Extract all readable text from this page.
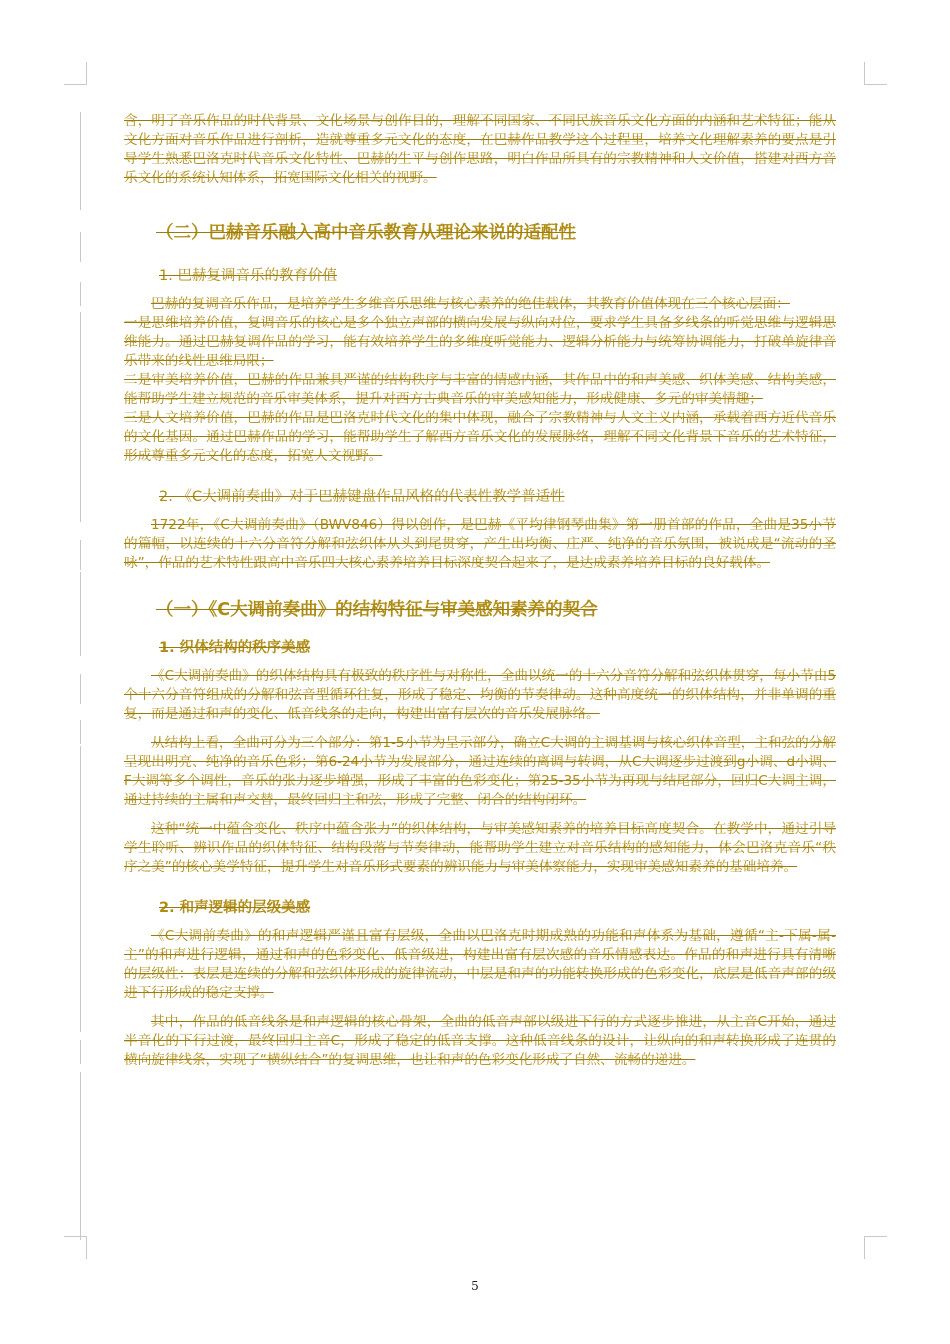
含，明了音乐作品的时代背景、文化场景与创作目的，理解不同国家、不同民族音乐文化方面的内涵和艺术特征；能从文化方面对音乐作品进行剖析，造就尊重多元文化的态度，在巴赫作品教学这个过程里，培养文化理解素养的要点是引导学生熟悉巴洛克时代音乐文化特性、巴赫的生平与创作思路，明白作品所具有的宗教精神和人文价值，搭建对西方音乐文化的系统认知体系，拓宽国际文化相关的视野。

（二）巴赫音乐融入高中音乐教育从理论来说的适配性

1. 巴赫复调音乐的教育价值

巴赫的复调音乐作品，是培养学生多维音乐思维与核心素养的绝佳载体，其教育价值体现在三个核心层面：

一是思维培养价值，复调音乐的核心是多个独立声部的横向发展与纵向对位，要求学生具备多线条的听觉思维与逻辑思维能力。通过巴赫复调作品的学习，能有效培养学生的多维度听觉能力、逻辑分析能力与统筹协调能力，打破单旋律音乐带来的线性思维局限；

二是审美培养价值，巴赫的作品兼具严谨的结构秩序与丰富的情感内涵，其作品中的和声美感、织体美感、结构美感，能帮助学生建立规范的音乐审美体系，提升对西方古典音乐的审美感知能力，形成健康、多元的审美情趣；

三是人文培养价值，巴赫的作品是巴洛克时代文化的集中体现，融合了宗教精神与人文主义内涵，承载着西方近代音乐的文化基因。通过巴赫作品的学习，能帮助学生了解西方音乐文化的发展脉络，理解不同文化背景下音乐的艺术特征，形成尊重多元文化的态度，拓宽人文视野。

2. 《C大调前奏曲》对于巴赫键盘作品风格的代表性教学普适性

1722年，《C大调前奏曲》（BWV846）得以创作，是巴赫《平均律钢琴曲集》第一册首部的作品，全曲是35小节的篇幅，以连续的十六分音符分解和弦织体从头到尾贯穿，产生出均衡、庄严、纯净的音乐氛围，被说成是“流动的圣咏”，作品的艺术特性跟高中音乐四大核心素养培养目标深度契合起来了，是达成素养培养目标的良好载体。

（一）《C大调前奏曲》的结构特征与审美感知素养的契合

1. 织体结构的秩序美感

《C大调前奏曲》的织体结构具有极致的秩序性与对称性，全曲以统一的十六分音符分解和弦织体贯穿，每小节由5个十六分音符组成的分解和弦音型循环往复，形成了稳定、均衡的节奏律动。这种高度统一的织体结构，并非单调的重复，而是通过和声的变化、低音线条的走向，构建出富有层次的音乐发展脉络。

从结构上看，全曲可分为三个部分：第1-5小节为呈示部分，确立C大调的主调基调与核心织体音型，主和弦的分解呈现出明亮、纯净的音乐色彩；第6-24小节为发展部分，通过连续的离调与转调，从C大调逐步过渡到g小调、d小调、F大调等多个调性，音乐的张力逐步增强，形成了丰富的色彩变化；第25-35小节为再现与结尾部分，回归C大调主调，通过持续的主属和声交替，最终回归主和弦，形成了完整、闭合的结构闭环。

这种“统一中蕴含变化、秩序中蕴含张力”的织体结构，与审美感知素养的培养目标高度契合。在教学中，通过引导学生聆听、辨识作品的织体特征、结构段落与节奏律动，能帮助学生建立对音乐结构的感知能力，体会巴洛克音乐“秩序之美”的核心美学特征，提升学生对音乐形式要素的辨识能力与审美体察能力，实现审美感知素养的基础培养。

2. 和声逻辑的层级美感

《C大调前奏曲》的和声逻辑严谨且富有层级，全曲以巴洛克时期成熟的功能和声体系为基础，遵循“主-下属-属-主”的和声进行逻辑，通过和声的色彩变化、低音级进，构建出富有层次感的音乐情感表达。作品的和声进行具有清晰的层级性：表层是连续的分解和弦织体形成的旋律流动，中层是和声的功能转换形成的色彩变化，底层是低音声部的级进下行形成的稳定支撑。

其中，作品的低音线条是和声逻辑的核心骨架，全曲的低音声部以级进下行的方式逐步推进，从主音C开始，通过半音化的下行过渡，最终回归主音C，形成了稳定的低音支撑。这种低音线条的设计，让纵向的和声转换形成了连贯的横向旋律线条，实现了“横纵结合”的复调思维，也让和声的色彩变化形成了自然、流畅的递进。

5
